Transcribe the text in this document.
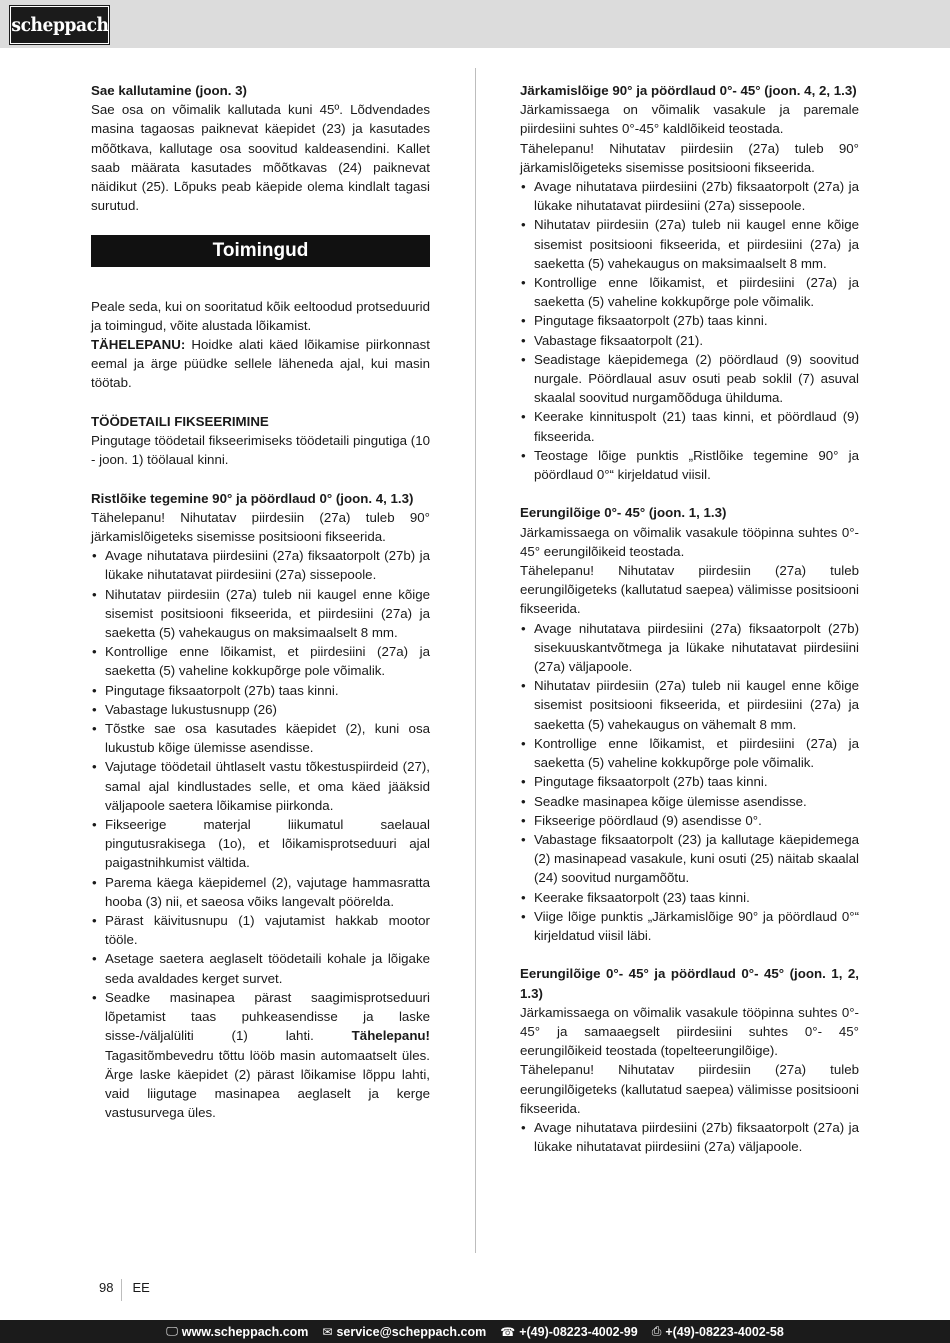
scheppach

Sae kallutamine (joon. 3)

Sae osa on võimalik kallutada kuni 45º. Lõdvendades masina tagaosas paiknevat käepidet (23) ja kasutades mõõtkava, kallutage osa soovitud kaldeasendini. Kallet saab määrata kasutades mõõtkavas (24) paiknevat näidikut (25). Lõpuks peab käepide olema kindlalt tagasi surutud.

Toimingud

Peale seda, kui on sooritatud kõik eeltoodud protseduurid ja toimingud, võite alustada lõikamist.

TÄHELEPANU: Hoidke alati käed lõikamise piirkonnast eemal ja ärge püüdke sellele läheneda ajal, kui masin töötab.

TÖÖDETAILI FIKSEERIMINE

Pingutage töödetail fikseerimiseks töödetaili pingutiga (10 - joon. 1) töölaual kinni.

Ristlõike tegemine 90° ja pöördlaud 0° (joon. 4, 1.3)

Tähelepanu! Nihutatav piirdesiin (27a) tuleb 90° järkamislõigeteks sisemisse positsiooni fikseerida.

• Avage nihutatava piirdesiini (27a) fiksaatorpolt (27b) ja lükake nihutatavat piirdesiini (27a) sissepoole.
• Nihutatav piirdesiin (27a) tuleb nii kaugel enne kõige sisemist positsiooni fikseerida, et piirdesiini (27a) ja saeketta (5) vahekaugus on maksimaalselt 8 mm.
• Kontrollige enne lõikamist, et piirdesiini (27a) ja saeketta (5) vaheline kokkupõrge pole võimalik.
• Pingutage fiksaatorpolt (27b) taas kinni.
• Vabastage lukustusnupp (26)
• Tõstke sae osa kasutades käepidet (2), kuni osa lukustub kõige ülemisse asendisse.
• Vajutage töödetail ühtlaselt vastu tõkestuspiirdeid (27), samal ajal kindlustades selle, et oma käed jääksid väljapoole saetera lõikamise piirkonda.
• Fikseerige materjal liikumatul saelaual pingutusrakisega (1o), et lõikamisprotseduuri ajal paigastnihkumist vältida.
• Parema käega käepidemel (2), vajutage hammasratta hooba (3) nii, et saeosa võiks langevalt pöörelda.
• Pärast käivitusnupu (1) vajutamist hakkab mootor tööle.
• Asetage saetera aeglaselt töödetaili kohale ja lõigake seda avaldades kerget survet.
• Seadke masinapea pärast saagimisprotseduuri lõpetamist taas puhkeasendisse ja laske sisse-/väljalüliti (1) lahti. Tähelepanu! Tagasitõmbevedru tõttu lööb masin automaatselt üles. Ärge laske käepidet (2) pärast lõikamise lõppu lahti, vaid liigutage masinapea aeglaselt ja kerge vastusurvega üles.

Järkamislõige 90° ja pöördlaud 0°- 45° (joon. 4, 2, 1.3)

Järkamissaega on võimalik vasakule ja paremale piirdesiini suhtes 0°-45° kaldlõikeid teostada.

Tähelepanu! Nihutatav piirdesiin (27a) tuleb 90° järkamislõigeteks sisemisse positsiooni fikseerida.

• Avage nihutatava piirdesiini (27b) fiksaatorpolt (27a) ja lükake nihutatavat piirdesiini (27a) sissepoole.
• Nihutatav piirdesiin (27a) tuleb nii kaugel enne kõige sisemist positsiooni fikseerida, et piirdesiini (27a) ja saeketta (5) vahekaugus on maksimaalselt 8 mm.
• Kontrollige enne lõikamist, et piirdesiini (27a) ja saeketta (5) vaheline kokkupõrge pole võimalik.
• Pingutage fiksaatorpolt (27b) taas kinni.
• Vabastage fiksaatorpolt (21).
• Seadistage käepidemega (2) pöördlaud (9) soovitud nurgale. Pöördlaual asuv osuti peab soklil (7) asuval skaalal soovitud nurgamõõduga ühilduma.
• Keerake kinnituspolt (21) taas kinni, et pöördlaud (9) fikseerida.
• Teostage lõige punktis „Ristlõike tegemine 90° ja pöördlaud 0°“ kirjeldatud viisil.

Eerungilõige 0°- 45° (joon. 1, 1.3)

Järkamissaega on võimalik vasakule tööpinna suhtes 0°- 45° eerungilõikeid teostada.

Tähelepanu! Nihutatav piirdesiin (27a) tuleb eerungilõigeteks (kallutatud saepea) välimisse positsiooni fikseerida.

• Avage nihutatava piirdesiini (27a) fiksaatorpolt (27b) sisekuuskantvõtmega ja lükake nihutatavat piirdesiini (27a) väljapoole.
• Nihutatav piirdesiin (27a) tuleb nii kaugel enne kõige sisemist positsiooni fikseerida, et piirdesiini (27a) ja saeketta (5) vahekaugus on vähemalt 8 mm.
• Kontrollige enne lõikamist, et piirdesiini (27a) ja saeketta (5) vaheline kokkupõrge pole võimalik.
• Pingutage fiksaatorpolt (27b) taas kinni.
• Seadke masinapea kõige ülemisse asendisse.
• Fikseerige pöördlaud (9) asendisse 0°.
• Vabastage fiksaatorpolt (23) ja kallutage käepidemega (2) masinapead vasakule, kuni osuti (25) näitab skaalal (24) soovitud nurgamõõtu.
• Keerake fiksaatorpolt (23) taas kinni.
• Viige lõige punktis „Järkamislõige 90° ja pöördlaud 0°“ kirjeldatud viisil läbi.

Eerungilõige 0°- 45° ja pöördlaud 0°- 45° (joon. 1, 2, 1.3)

Järkamissaega on võimalik vasakule tööpinna suhtes 0°- 45° ja samaaegselt piirdesiini suhtes 0°- 45° eerungilõikeid teostada (topelteerungilõige).

Tähelepanu! Nihutatav piirdesiin (27a) tuleb eerungilõigeteks (kallutatud saepea) välimisse positsiooni fikseerida.

• Avage nihutatava piirdesiini (27b) fiksaatorpolt (27a) ja lükake nihutatavat piirdesiini (27a) väljapoole.
98 EE
🖵 www.scheppach.com ✉ service@scheppach.com ☎ +(49)-08223-4002-99 ⎙ +(49)-08223-4002-58
